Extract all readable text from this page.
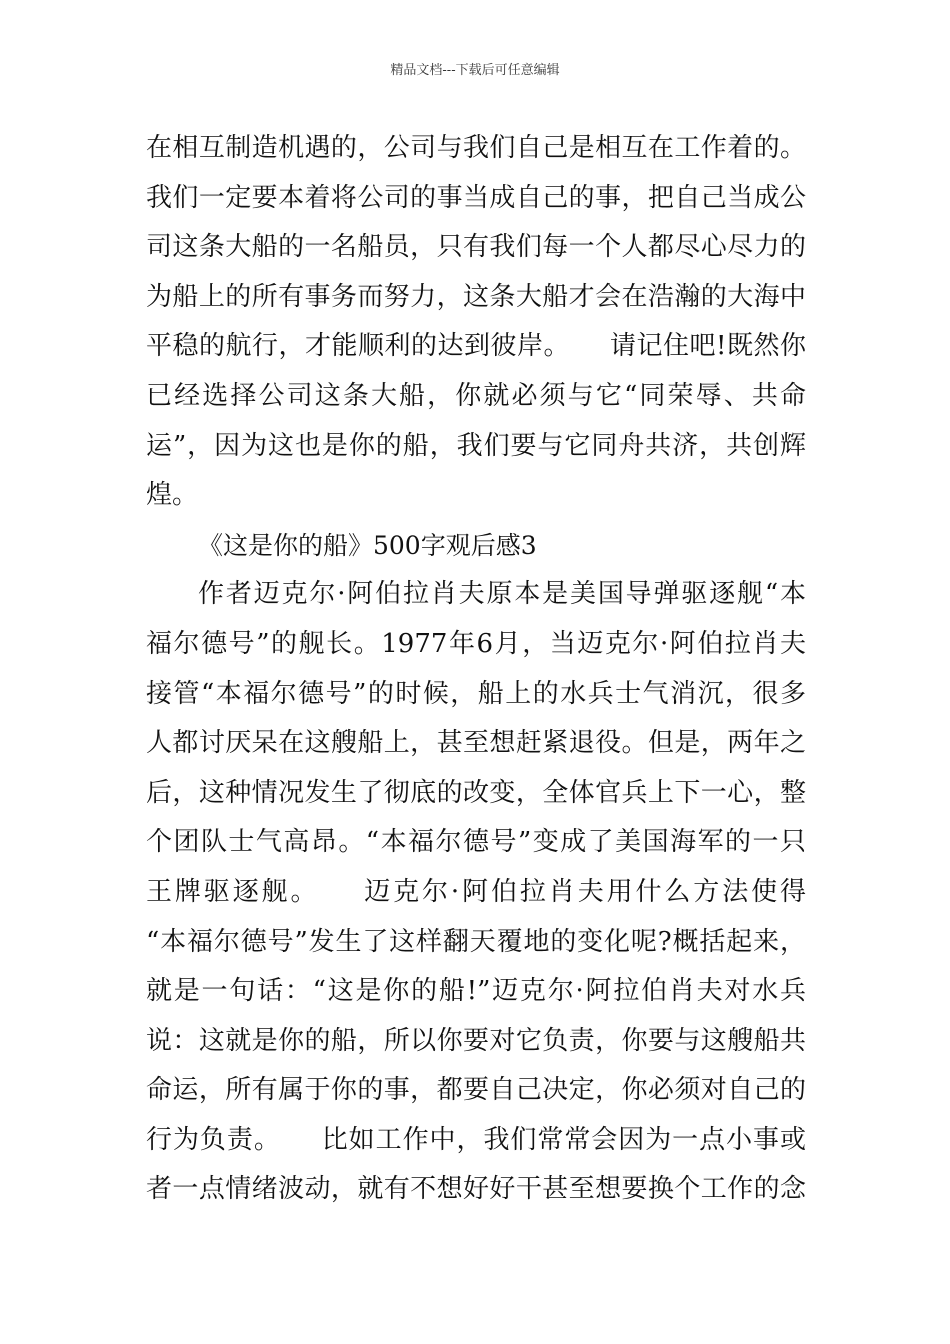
精品文档---下载后可任意编辑
在相互制造机遇的，公司与我们自己是相互在工作着的。
我们一定要本着将公司的事当成自己的事，把自己当成公
司这条大船的一名船员，只有我们每一个人都尽心尽力的
为船上的所有事务而努力，这条大船才会在浩瀚的大海中
平稳的航行，才能顺利的达到彼岸。　　请记住吧!既然你
已经选择公司这条大船，你就必须与它“同荣辱、共命
运”，因为这也是你的船，我们要与它同舟共济，共创辉
煌。
《这是你的船》500字观后感3
作者迈克尔·阿伯拉肖夫原本是美国导弹驱逐舰“本
福尔德号”的舰长。1977年6月，当迈克尔·阿伯拉肖夫
接管“本福尔德号”的时候，船上的水兵士气消沉，很多
人都讨厌呆在这艘船上，甚至想赶紧退役。但是，两年之
后，这种情况发生了彻底的改变，全体官兵上下一心，整
个团队士气高昂。“本福尔德号”变成了美国海军的一只
王牌驱逐舰。　　迈克尔·阿伯拉肖夫用什么方法使得
“本福尔德号”发生了这样翻天覆地的变化呢?概括起来，
就是一句话：“这是你的船!”迈克尔·阿拉伯肖夫对水兵
说：这就是你的船，所以你要对它负责，你要与这艘船共
命运，所有属于你的事，都要自己决定，你必须对自己的
行为负责。　　比如工作中，我们常常会因为一点小事或
者一点情绪波动，就有不想好好干甚至想要换个工作的念
